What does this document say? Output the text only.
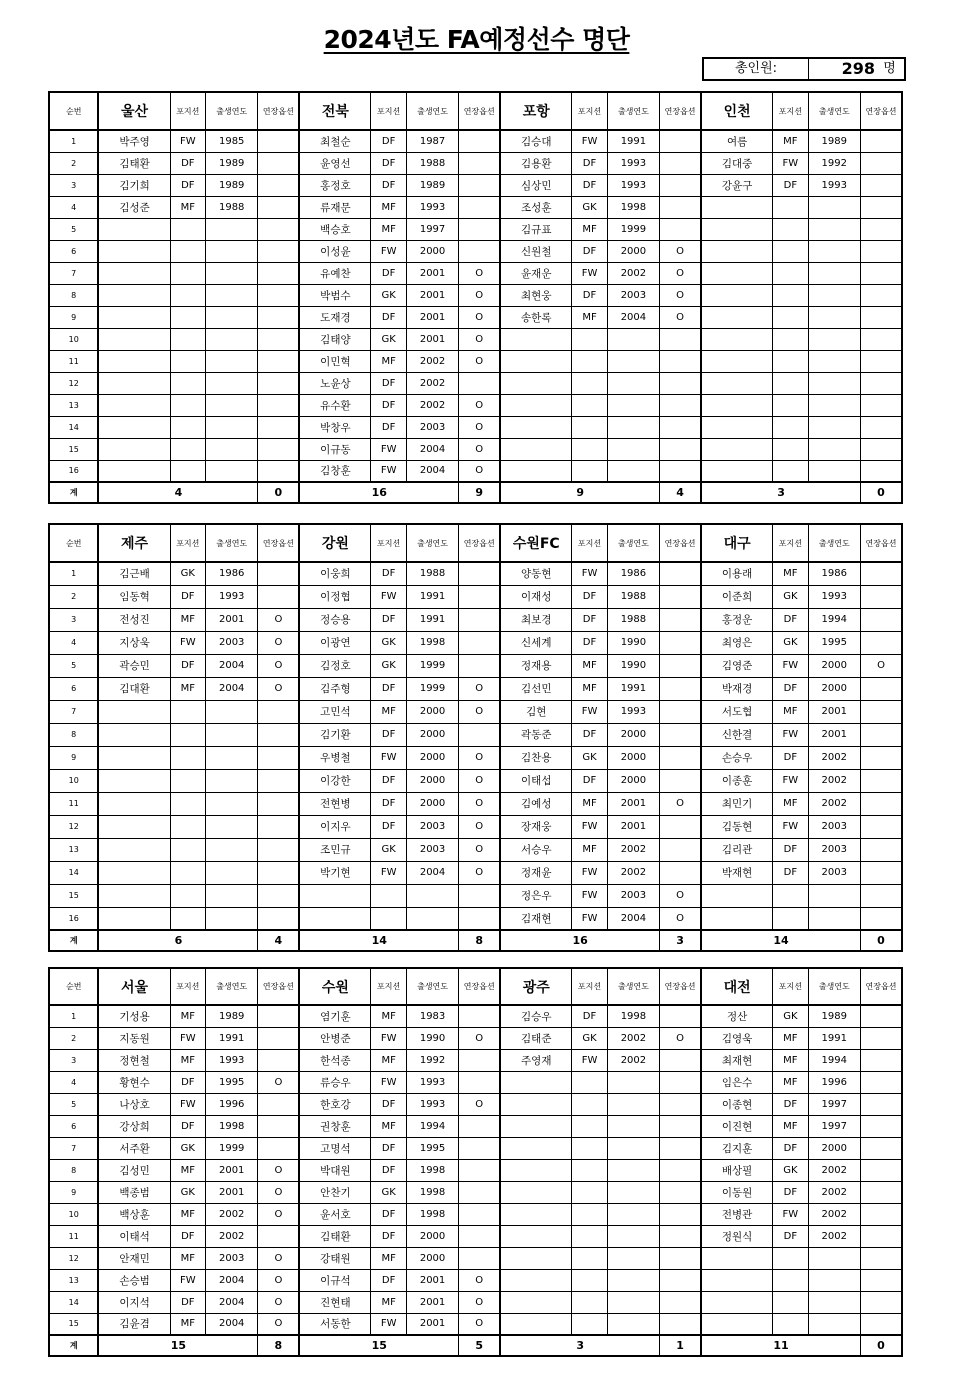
2024년도 FA예정선수 명단
총인원:	298 명
순번	울산	포지션	출생연도	연장옵션	전북	포지션	출생연도	연장옵션	포항	포지션	출생연도	연장옵션	인천	포지션	출생연도	연장옵션
1	박주영	FW	1985		최철순	DF	1987		김승대	FW	1991		여름	MF	1989	
2	김태환	DF	1989		윤영선	DF	1988		김용환	DF	1993		김대중	FW	1992	
3	김기희	DF	1989		홍정호	DF	1989		심상민	DF	1993		강윤구	DF	1993	
4	김성준	MF	1988		류재문	MF	1993		조성훈	GK	1998					
5					백승호	MF	1997		김규표	MF	1999					
6					이성윤	FW	2000		신원철	DF	2000	O				
7					유예찬	DF	2001	O	윤재운	FW	2002	O				
8					박범수	GK	2001	O	최현웅	DF	2003	O				
9					도재경	DF	2001	O	송한록	MF	2004	O				
10					김태양	GK	2001	O								
11					이민혁	MF	2002	O								
12					노윤상	DF	2002									
13					유수환	DF	2002	O								
14					박창우	DF	2003	O								
15					이규동	FW	2004	O								
16					김창훈	FW	2004	O								
계	4			0	16			9	9			4	3			0
순번	제주	포지션	출생연도	연장옵션	강원	포지션	출생연도	연장옵션	수원FC	포지션	출생연도	연장옵션	대구	포지션	출생연도	연장옵션
1	김근배	GK	1986		이웅희	DF	1988		양동현	FW	1986		이용래	MF	1986	
2	임동혁	DF	1993		이정협	FW	1991		이재성	DF	1988		이준희	GK	1993	
3	전성진	MF	2001	O	정승용	DF	1991		최보경	DF	1988		홍정운	DF	1994	
4	지상욱	FW	2003	O	이광연	GK	1998		신세계	DF	1990		최영은	GK	1995	
5	곽승민	DF	2004	O	김정호	GK	1999		정재용	MF	1990		김영준	FW	2000	O
6	김대환	MF	2004	O	김주형	DF	1999	O	김선민	MF	1991		박재경	DF	2000	
7					고민석	MF	2000	O	김현	FW	1993		서도협	MF	2001	
8					김기환	DF	2000		곽동준	DF	2000		신한결	FW	2001	
9					우병철	FW	2000	O	김찬용	GK	2000		손승우	DF	2002	
10					이강한	DF	2000	O	이태섭	DF	2000		이종훈	FW	2002	
11					전현병	DF	2000	O	김예성	MF	2001	O	최민기	MF	2002	
12					이지우	DF	2003	O	장재웅	FW	2001		김동현	FW	2003	
13					조민규	GK	2003	O	서승우	MF	2002		김리관	DF	2003	
14					박기현	FW	2004	O	정재윤	FW	2002		박재현	DF	2003	
15									정은우	FW	2003	O				
16									김재현	FW	2004	O				
계	6			4	14			8	16			3	14			0
순번	서울	포지션	출생연도	연장옵션	수원	포지션	출생연도	연장옵션	광주	포지션	출생연도	연장옵션	대전	포지션	출생연도	연장옵션
1	기성용	MF	1989		염기훈	MF	1983		김승우	DF	1998		정산	GK	1989	
2	지동원	FW	1991		안병준	FW	1990	O	김태준	GK	2002	O	김영욱	MF	1991	
3	정현철	MF	1993		한석종	MF	1992		주영재	FW	2002		최재현	MF	1994	
4	황현수	DF	1995	O	류승우	FW	1993						임은수	MF	1996	
5	나상호	FW	1996		한호강	DF	1993	O					이종현	DF	1997	
6	강상희	DF	1998		권창훈	MF	1994						이진현	MF	1997	
7	서주환	GK	1999		고명석	DF	1995						김지훈	DF	2000	
8	김성민	MF	2001	O	박대원	DF	1998						배상필	GK	2002	
9	백종범	GK	2001	O	안찬기	GK	1998						이동원	DF	2002	
10	백상훈	MF	2002	O	윤서호	DF	1998						전병관	FW	2002	
11	이태석	DF	2002		김태환	DF	2000						정원식	DF	2002	
12	안재민	MF	2003	O	강태원	MF	2000									
13	손승범	FW	2004	O	이규석	DF	2001	O								
14	이지석	DF	2004	O	진현태	MF	2001	O								
15	김윤겸	MF	2004	O	서동한	FW	2001	O								
계	15			8	15			5	3			1	11			0
